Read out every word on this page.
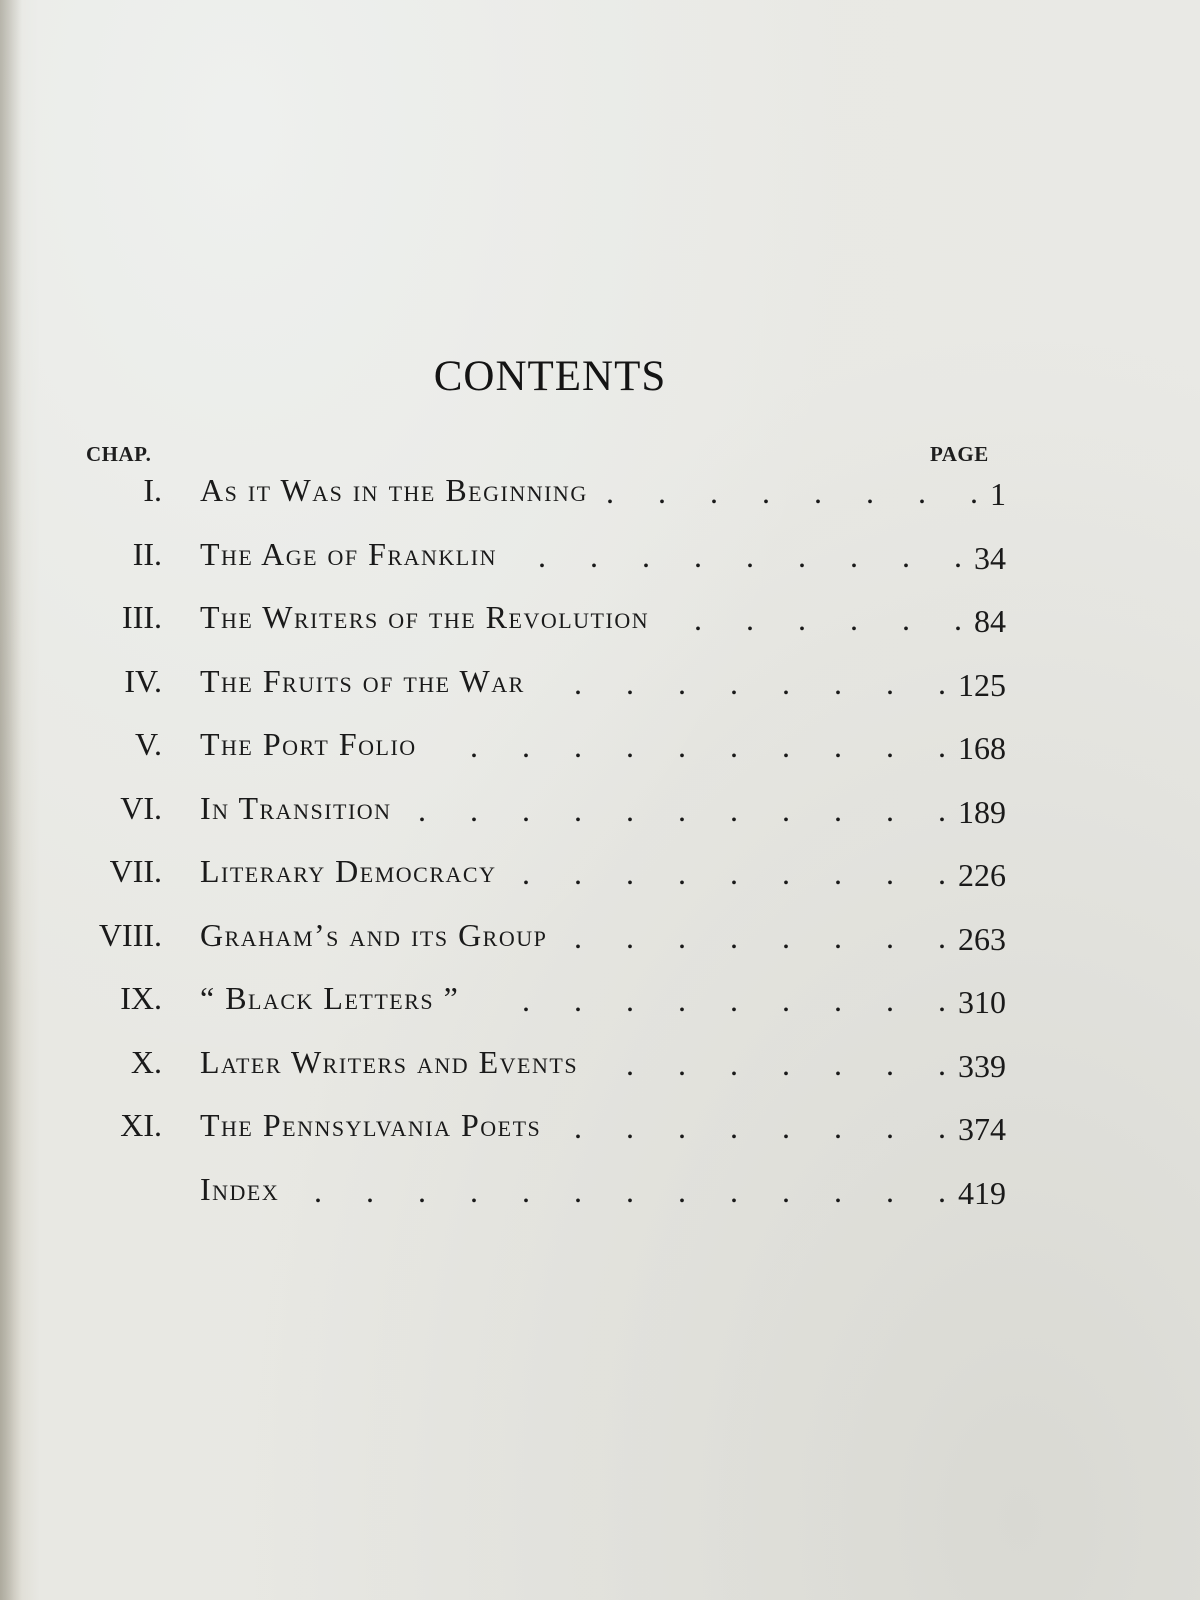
CONTENTS
CHAP.	PAGE
I. As it Was in the Beginning . . . . . . . . 1
II. The Age of Franklin . . . . . . . . . 34
III. The Writers of the Revolution . . . . . . 84
IV. The Fruits of the War . . . . . . . . 125
V. The Port Folio . . . . . . . . . . 168
VI. In Transition . . . . . . . . . . . 189
VII. Literary Democracy . . . . . . . . . 226
VIII. Graham’s and its Group . . . . . . . . 263
IX. “ Black Letters ” . . . . . . . . . 310
X. Later Writers and Events . . . . . . . 339
XI. The Pennsylvania Poets . . . . . . . . 374
Index . . . . . . . . . . . . . 419
